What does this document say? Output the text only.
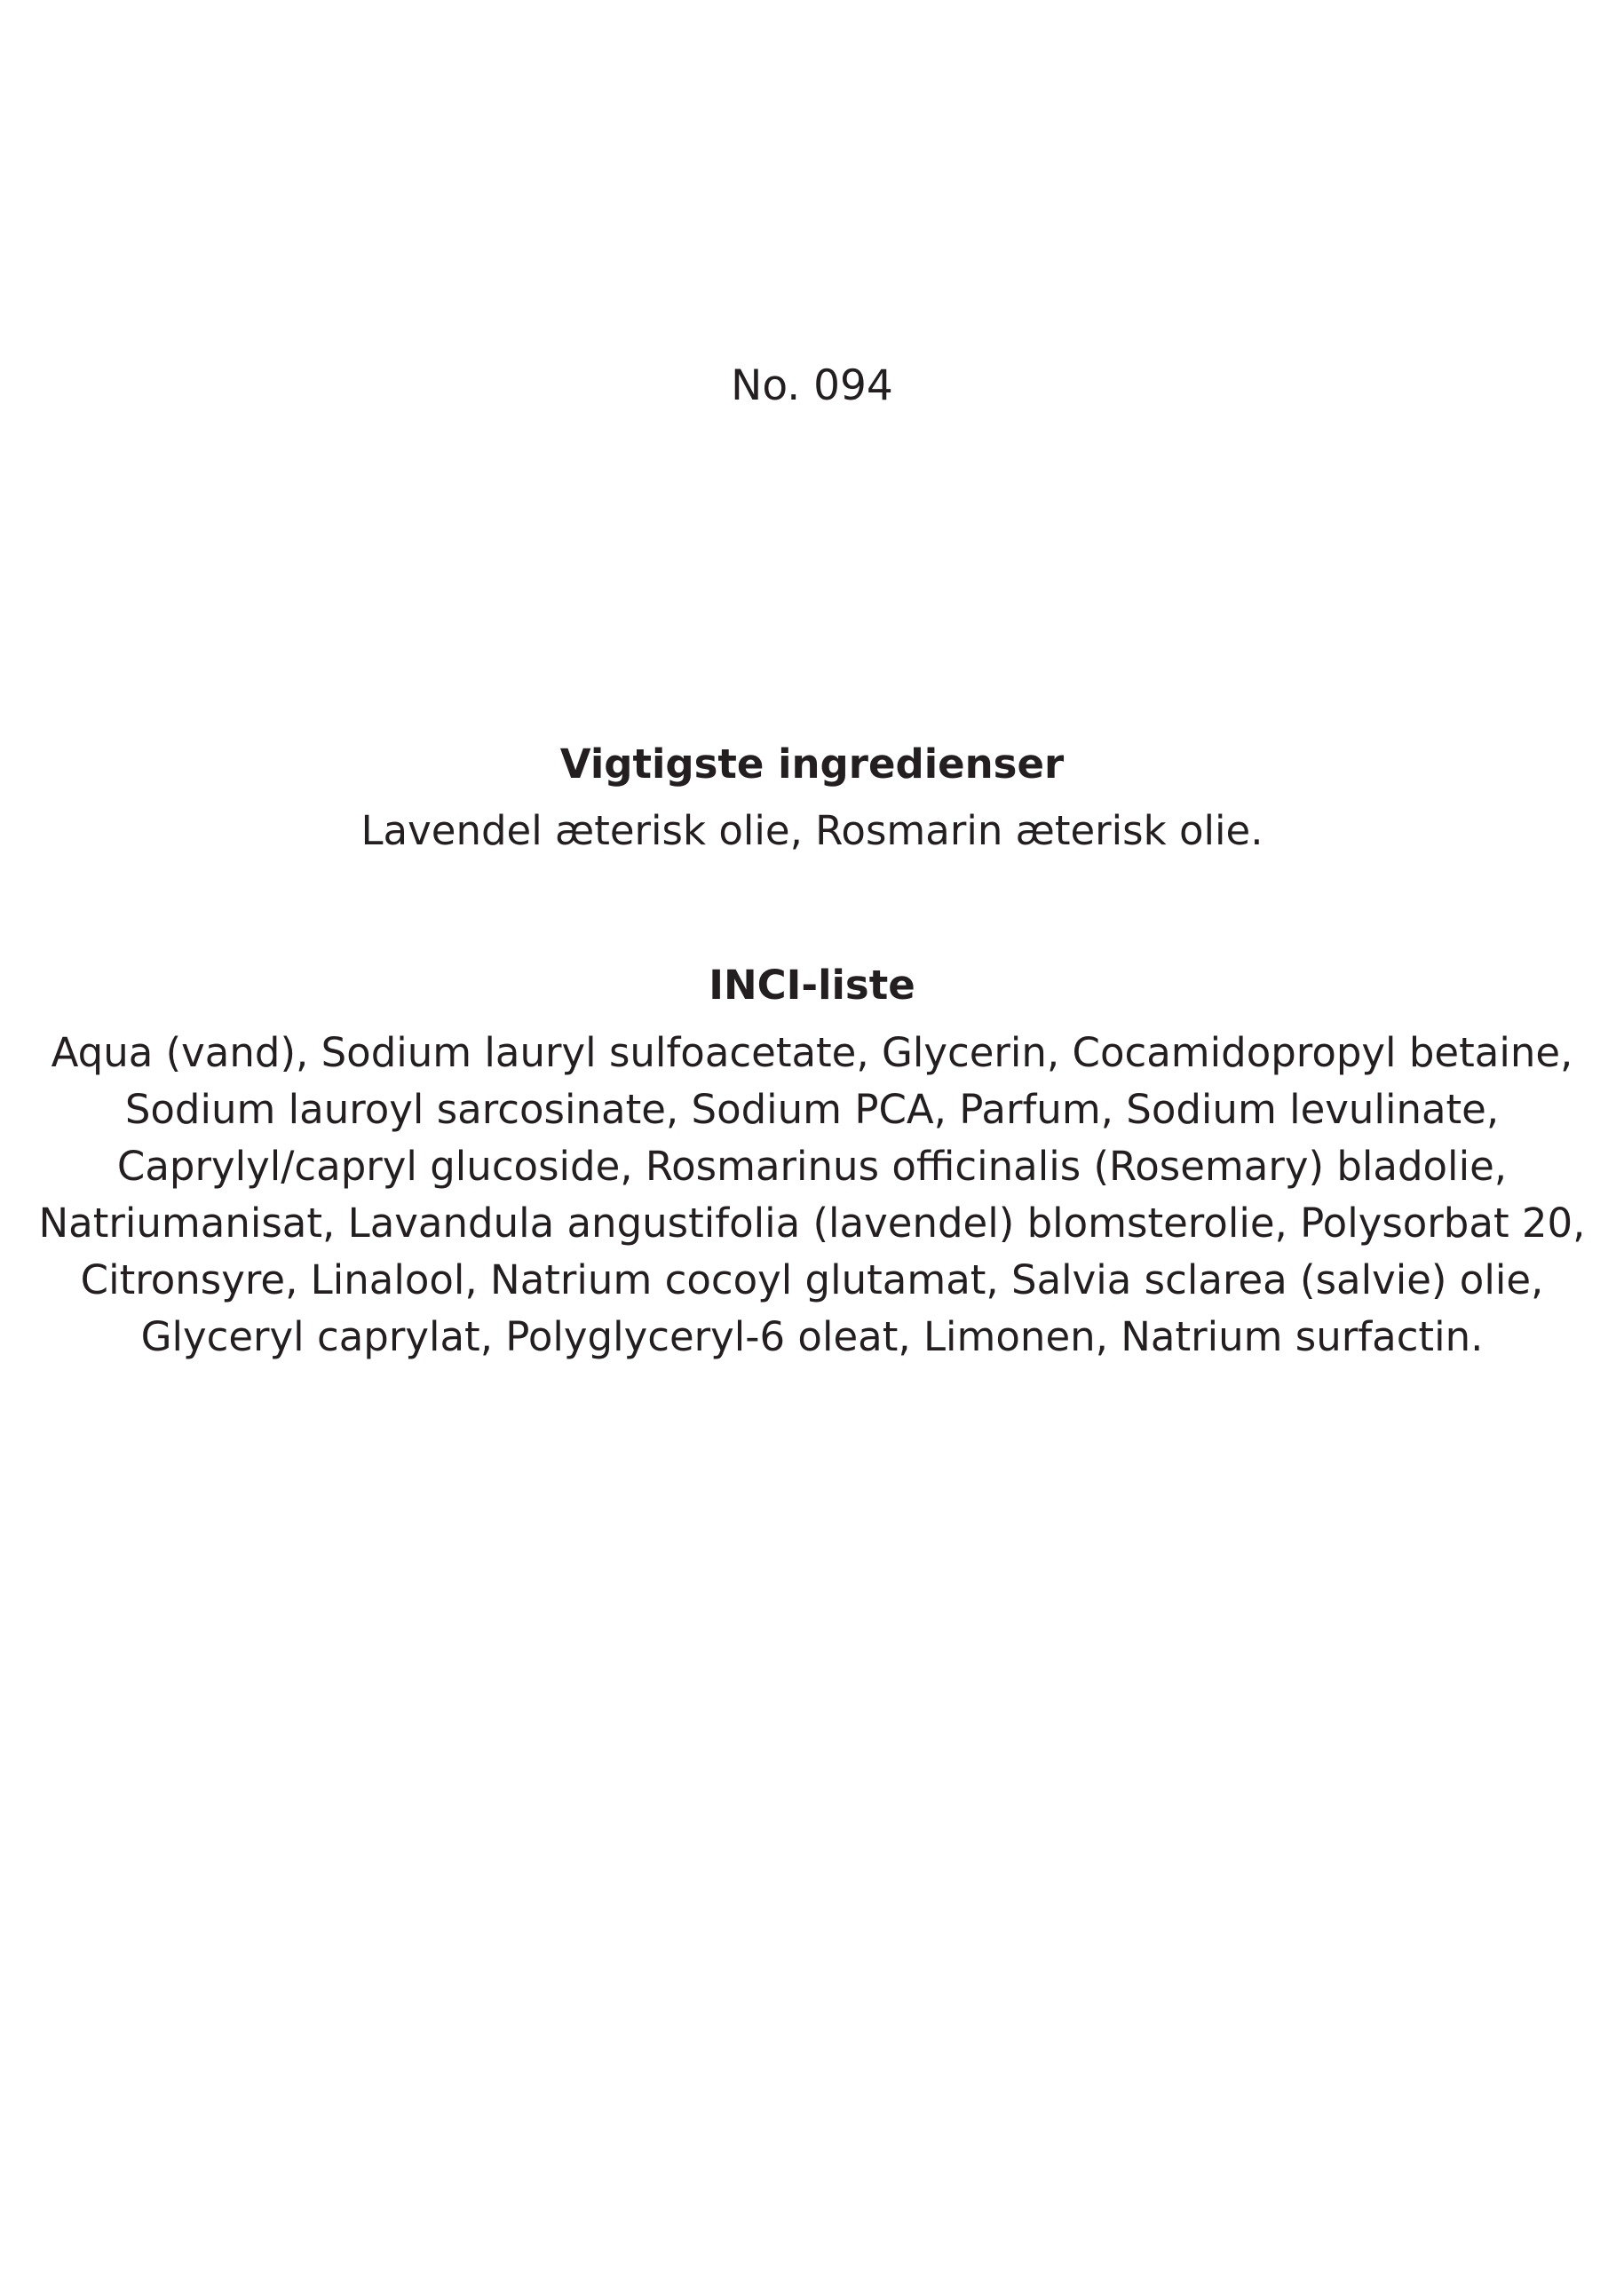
No. 094
Vigtigste ingredienser
Lavendel æterisk olie, Rosmarin æterisk olie.
INCI-liste
Aqua (vand), Sodium lauryl sulfoacetate, Glycerin, Cocamidopropyl betaine, Sodium lauroyl sarcosinate, Sodium PCA, Parfum, Sodium levulinate, Caprylyl/capryl glucoside, Rosmarinus officinalis (Rosemary) bladolie, Natriumanisat, Lavandula angustifolia (lavendel) blomsterolie, Polysorbat 20, Citronsyre, Linalool, Natrium cocoyl glutamat, Salvia sclarea (salvie) olie, Glyceryl caprylat, Polyglyceryl-6 oleat, Limonen, Natrium surfactin.
